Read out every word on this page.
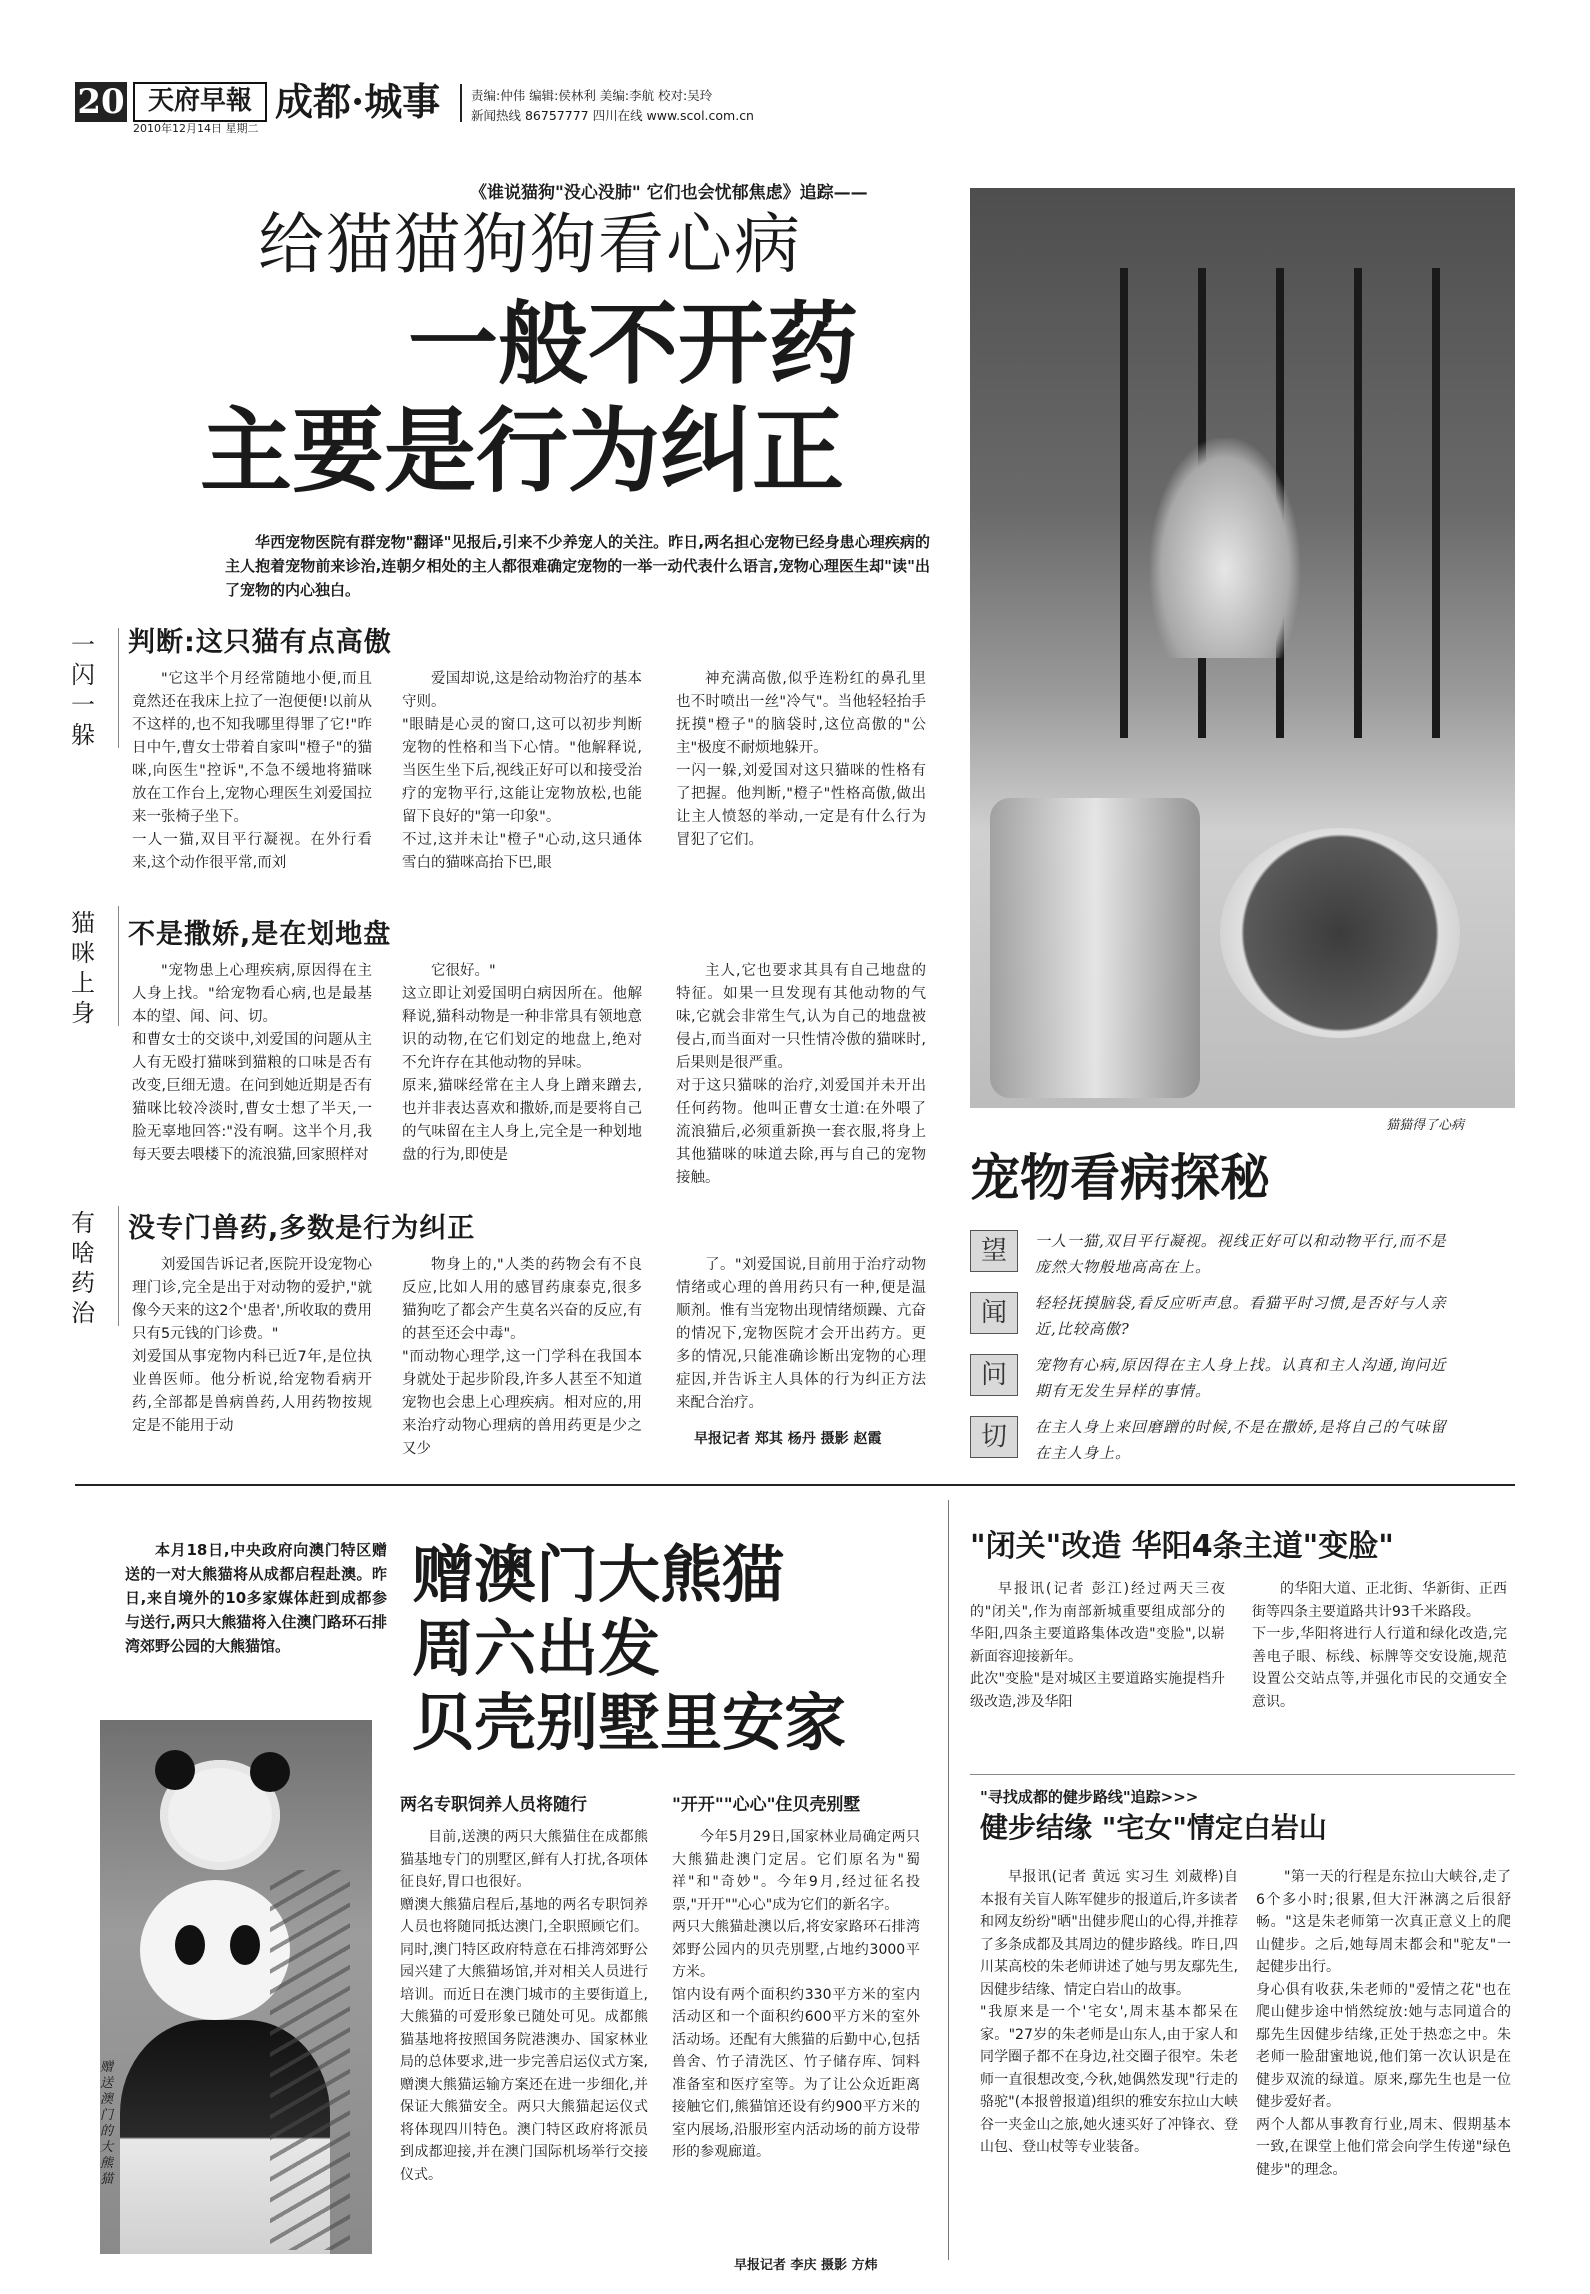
20 天府早報
2010年12月14日 星期二
成都·城事 责编:仲伟 编辑:侯林利 美编:李航 校对:吴玲
新闻热线 86757777 四川在线 www.scol.com.cn
《谁说猫狗"没心没肺" 它们也会忧郁焦虑》追踪——
给猫猫狗狗看心病
一般不开药
主要是行为纠正
华西宠物医院有群宠物"翻译"见报后,引来不少养宠人的关注。昨日,两名担心宠物已经身患心理疾病的主人抱着宠物前来诊治,连朝夕相处的主人都很难确定宠物的一举一动代表什么语言,宠物心理医生却"读"出了宠物的内心独白。
猫猫得了心病
一闪一躲
判断:这只猫有点高傲
"它这半个月经常随地小便,而且竟然还在我床上拉了一泡便便!以前从不这样的,也不知我哪里得罪了它!"昨日中午,曹女士带着自家叫"橙子"的猫咪,向医生"控诉",不急不缓地将猫咪放在工作台上,宠物心理医生刘爱国拉来一张椅子坐下。
一人一猫,双目平行凝视。在外行看来,这个动作很平常,而刘
爱国却说,这是给动物治疗的基本守则。
"眼睛是心灵的窗口,这可以初步判断宠物的性格和当下心情。"他解释说,当医生坐下后,视线正好可以和接受治疗的宠物平行,这能让宠物放松,也能留下良好的"第一印象"。
不过,这并未让"橙子"心动,这只通体雪白的猫咪高抬下巴,眼
神充满高傲,似乎连粉红的鼻孔里也不时喷出一丝"冷气"。当他轻轻抬手抚摸"橙子"的脑袋时,这位高傲的"公主"极度不耐烦地躲开。
一闪一躲,刘爱国对这只猫咪的性格有了把握。他判断,"橙子"性格高傲,做出让主人愤怒的举动,一定是有什么行为冒犯了它们。
猫咪上身
不是撒娇,是在划地盘
"宠物患上心理疾病,原因得在主人身上找。"给宠物看心病,也是最基本的望、闻、问、切。
和曹女士的交谈中,刘爱国的问题从主人有无殴打猫咪到猫粮的口味是否有改变,巨细无遗。在问到她近期是否有猫咪比较冷淡时,曹女士想了半天,一脸无辜地回答:"没有啊。这半个月,我每天要去喂楼下的流浪猫,回家照样对
它很好。"
这立即让刘爱国明白病因所在。他解释说,猫科动物是一种非常具有领地意识的动物,在它们划定的地盘上,绝对不允许存在其他动物的异味。
原来,猫咪经常在主人身上蹭来蹭去,也并非表达喜欢和撒娇,而是要将自己的气味留在主人身上,完全是一种划地盘的行为,即使是
主人,它也要求其具有自己地盘的特征。如果一旦发现有其他动物的气味,它就会非常生气,认为自己的地盘被侵占,而当面对一只性情冷傲的猫咪时,后果则是很严重。
对于这只猫咪的治疗,刘爱国并未开出任何药物。他叫正曹女士道:在外喂了流浪猫后,必须重新换一套衣服,将身上其他猫咪的味道去除,再与自己的宠物接触。
有啥药治
没专门兽药,多数是行为纠正
刘爱国告诉记者,医院开设宠物心理门诊,完全是出于对动物的爱护,"就像今天来的这2个'患者',所收取的费用只有5元钱的门诊费。"
刘爱国从事宠物内科已近7年,是位执业兽医师。他分析说,给宠物看病开药,全部都是兽病兽药,人用药物按规定是不能用于动
物身上的,"人类的药物会有不良反应,比如人用的感冒药康泰克,很多猫狗吃了都会产生莫名兴奋的反应,有的甚至还会中毒"。
"而动物心理学,这一门学科在我国本身就处于起步阶段,许多人甚至不知道宠物也会患上心理疾病。相对应的,用来治疗动物心理病的兽用药更是少之又少
了。"刘爱国说,目前用于治疗动物情绪或心理的兽用药只有一种,便是温顺剂。惟有当宠物出现情绪烦躁、亢奋的情况下,宠物医院才会开出药方。更多的情况,只能准确诊断出宠物的心理症因,并告诉主人具体的行为纠正方法来配合治疗。
早报记者 郑其 杨丹 摄影 赵霞
宠物看病探秘
望	一人一猫,双目平行凝视。视线正好可以和动物平行,而不是庞然大物般地高高在上。
闻	轻轻抚摸脑袋,看反应听声息。看猫平时习惯,是否好与人亲近,比较高傲?
问	宠物有心病,原因得在主人身上找。认真和主人沟通,询问近期有无发生异样的事情。
切	在主人身上来回磨蹭的时候,不是在撒娇,是将自己的气味留在主人身上。
本月18日,中央政府向澳门特区赠送的一对大熊猫将从成都启程赴澳。昨日,来自境外的10多家媒体赶到成都参与送行,两只大熊猫将入住澳门路环石排湾郊野公园的大熊猫馆。
赠送澳门的大熊猫
赠澳门大熊猫
周六出发
贝壳别墅里安家
两名专职饲养人员将随行
目前,送澳的两只大熊猫住在成都熊猫基地专门的別墅区,鲜有人打扰,各项体征良好,胃口也很好。
赠澳大熊猫启程后,基地的两名专职饲养人员也将随同抵达澳门,全职照顾它们。同时,澳门特区政府特意在石排湾郊野公园兴建了大熊猫场馆,并对相关人员进行培训。而近日在澳门城市的主要街道上,大熊猫的可爱形象已随处可见。成都熊猫基地将按照国务院港澳办、国家林业局的总体要求,进一步完善启运仪式方案,赠澳大熊猫运输方案还在进一步细化,并保证大熊猫安全。两只大熊猫起运仪式将体现四川特色。澳门特区政府将派员到成都迎接,并在澳门国际机场举行交接仪式。
"开开""心心"住贝壳别墅
今年5月29日,国家林业局确定两只大熊猫赴澳门定居。它们原名为"蜀祥"和"奇妙"。今年9月,经过征名投票,"开开""心心"成为它们的新名字。
两只大熊猫赴澳以后,将安家路环石排湾郊野公园内的贝壳別墅,占地约3000平方米。
馆内设有两个面积约330平方米的室内活动区和一个面积约600平方米的室外活动场。还配有大熊猫的后勤中心,包括兽舍、竹子清洗区、竹子储存库、饲料准备室和医疗室等。为了让公众近距离接触它们,熊猫馆还设有约900平方米的室内展场,沿服形室内活动场的前方设带形的参观廊道。
早报记者 李庆 摄影 方炜
"闭关"改造 华阳4条主道"变脸"
早报讯(记者 彭江)经过两天三夜的"闭关",作为南部新城重要组成部分的华阳,四条主要道路集体改造"变脸",以崭新面容迎接新年。
此次"变脸"是对城区主要道路实施提档升级改造,涉及华阳
的华阳大道、正北街、华新街、正西街等四条主要道路共计93千米路段。
下一步,华阳将进行人行道和绿化改造,完善电子眼、标线、标牌等交安设施,规范设置公交站点等,并强化市民的交通安全意识。
"寻找成都的健步路线"追踪>>>
健步结缘 "宅女"情定白岩山
早报讯(记者 黄远 实习生 刘葳桦)自本报有关盲人陈军健步的报道后,许多读者和网友纷纷"晒"出健步爬山的心得,并推荐了多条成都及其周边的健步路线。昨日,四川某高校的朱老师讲述了她与男友鄢先生,因健步结缘、情定白岩山的故事。
"我原来是一个'宅女',周末基本都呆在家。"27岁的朱老师是山东人,由于家人和同学圈子都不在身边,社交圈子很窄。朱老师一直很想改变,今秋,她偶然发现"行走的骆驼"(本报曾报道)组织的雅安东拉山大峡谷一夹金山之旅,她火速买好了冲锋衣、登山包、登山杖等专业装备。
"第一天的行程是东拉山大峡谷,走了6个多小时;很累,但大汗淋漓之后很舒畅。"这是朱老师第一次真正意义上的爬山健步。之后,她每周末都会和"驼友"一起健步出行。
身心俱有收获,朱老师的"爱情之花"也在爬山健步途中悄然绽放:她与志同道合的鄢先生因健步结缘,正处于热恋之中。朱老师一脸甜蜜地说,他们第一次认识是在健步双流的绿道。原来,鄢先生也是一位健步爱好者。
两个人都从事教育行业,周末、假期基本一致,在课堂上他们常会向学生传递"绿色健步"的理念。
